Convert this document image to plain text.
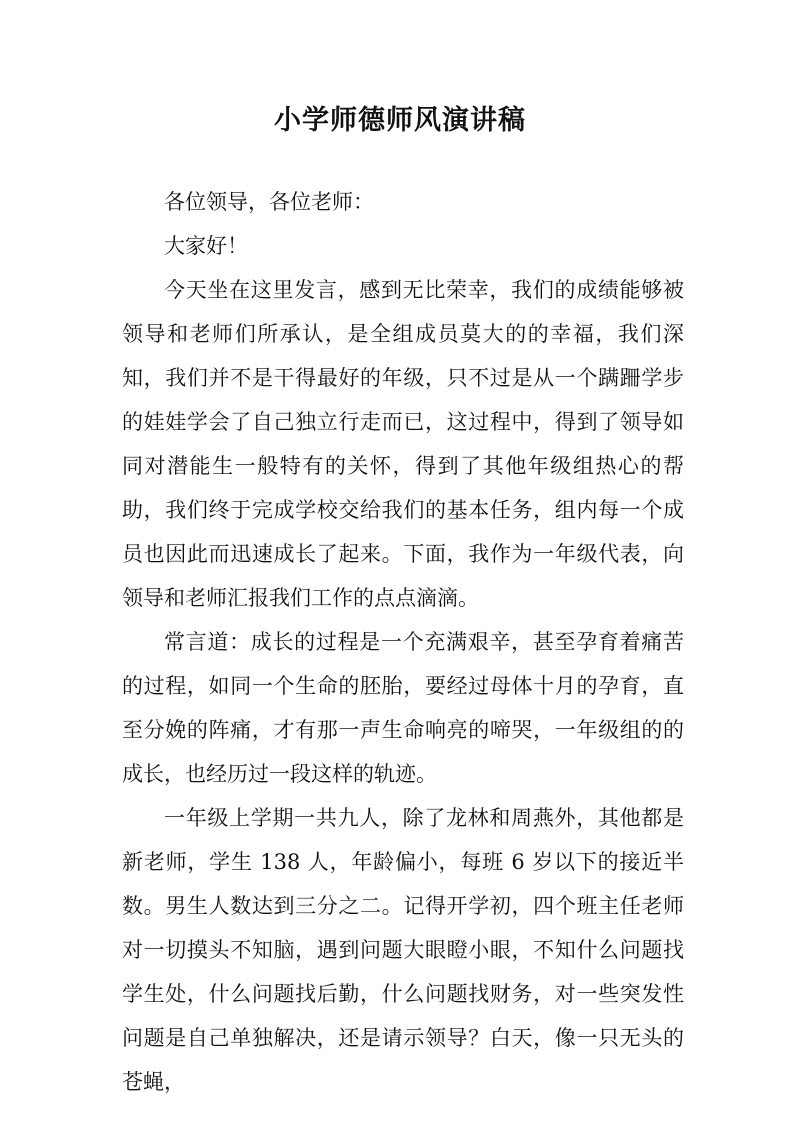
小学师德师风演讲稿

各位领导，各位老师：

大家好！

今天坐在这里发言，感到无比荣幸，我们的成绩能够被领导和老师们所承认，是全组成员莫大的的幸福，我们深知，我们并不是干得最好的年级，只不过是从一个蹒跚学步的娃娃学会了自己独立行走而已，这过程中，得到了领导如同对潜能生一般特有的关怀，得到了其他年级组热心的帮助，我们终于完成学校交给我们的基本任务，组内每一个成员也因此而迅速成长了起来。下面，我作为一年级代表，向领导和老师汇报我们工作的点点滴滴。

常言道：成长的过程是一个充满艰辛，甚至孕育着痛苦的过程，如同一个生命的胚胎，要经过母体十月的孕育，直至分娩的阵痛，才有那一声生命响亮的啼哭，一年级组的的成长，也经历过一段这样的轨迹。

一年级上学期一共九人，除了龙林和周燕外，其他都是新老师，学生 138 人，年龄偏小，每班 6 岁以下的接近半数。男生人数达到三分之二。记得开学初，四个班主任老师对一切摸头不知脑，遇到问题大眼瞪小眼，不知什么问题找学生处，什么问题找后勤，什么问题找财务，对一些突发性问题是自己单独解决，还是请示领导？白天，像一只无头的苍蝇，
